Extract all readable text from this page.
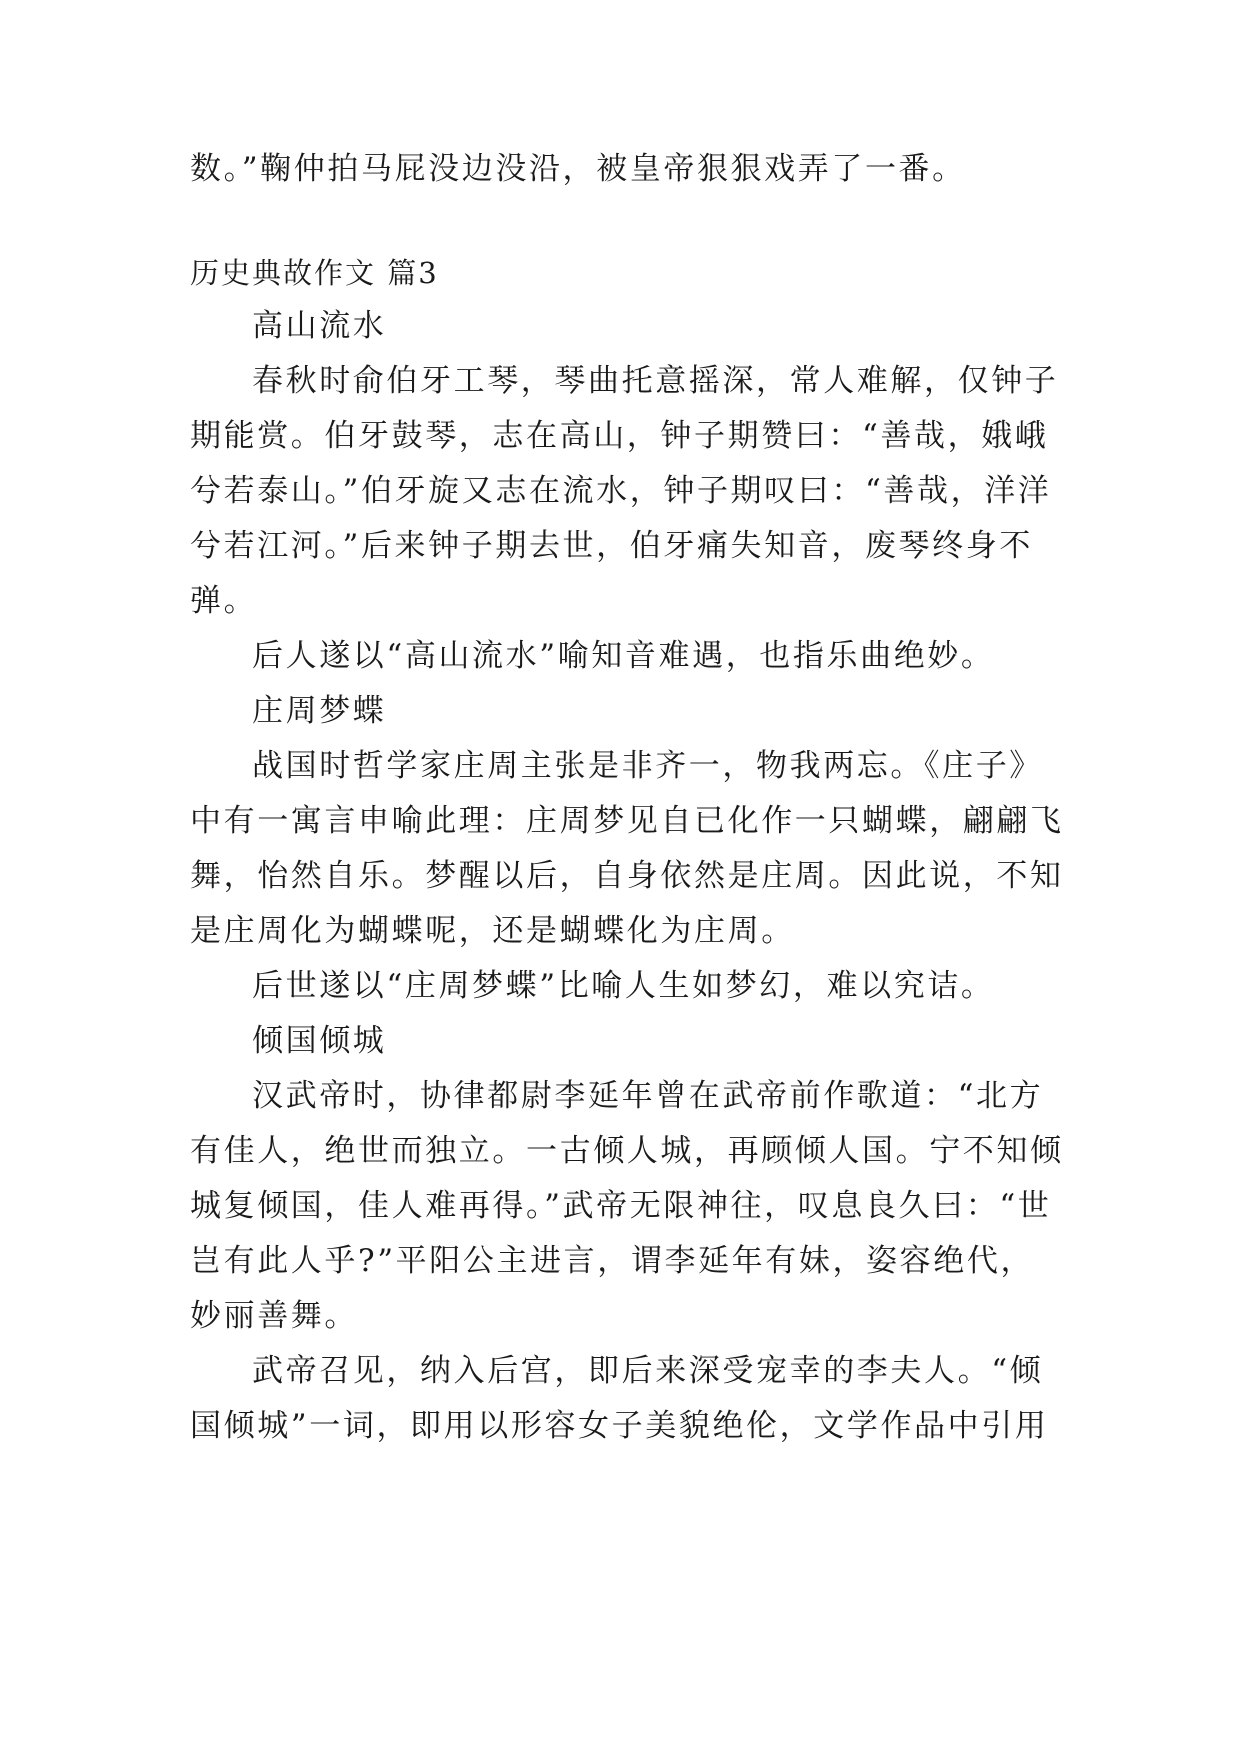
数。”鞠仲拍马屁没边没沿，被皇帝狠狠戏弄了一番。
历史典故作文 篇3
高山流水
春秋时俞伯牙工琴，琴曲托意摇深，常人难解，仅钟子
期能赏。伯牙鼓琴，志在高山，钟子期赞曰：“善哉，娥峨
兮若泰山。”伯牙旋又志在流水，钟子期叹曰：“善哉，洋洋
兮若江河。”后来钟子期去世，伯牙痛失知音，废琴终身不
弹。
后人遂以“高山流水”喻知音难遇，也指乐曲绝妙。
庄周梦蝶
战国时哲学家庄周主张是非齐一，物我两忘。《庄子》
中有一寓言申喻此理：庄周梦见自已化作一只蝴蝶，翩翩飞
舞，怡然自乐。梦醒以后，自身依然是庄周。因此说，不知
是庄周化为蝴蝶呢，还是蝴蝶化为庄周。
后世遂以“庄周梦蝶”比喻人生如梦幻，难以究诘。
倾国倾城
汉武帝时，协律都尉李延年曾在武帝前作歌道：“北方
有佳人，绝世而独立。一古倾人城，再顾倾人国。宁不知倾
城复倾国，佳人难再得。”武帝无限神往，叹息良久曰：“世
岂有此人乎?”平阳公主进言，谓李延年有妹，姿容绝代，
妙丽善舞。
武帝召见，纳入后宫，即后来深受宠幸的李夫人。“倾
国倾城”一词，即用以形容女子美貌绝伦，文学作品中引用
